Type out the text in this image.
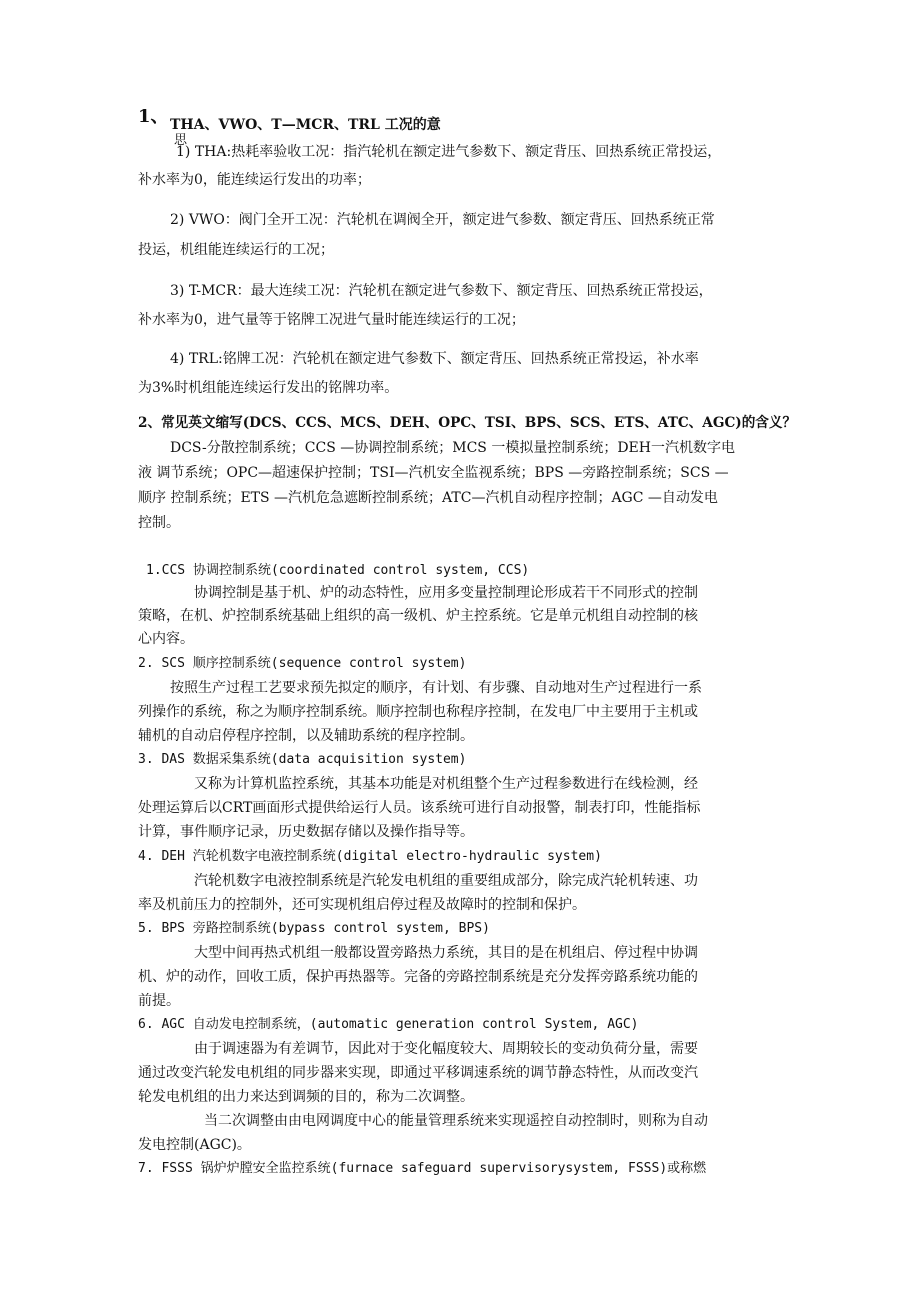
1、 THA、VWO、T—MCR、TRL 工况的意
思
1) THA:热耗率验收工况：指汽轮机在额定进气参数下、额定背压、回热系统正常投运，
补水率为0，能连续运行发出的功率；
2) VWO：阀门全开工况：汽轮机在调阀全开，额定进气参数、额定背压、回热系统正常
投运，机组能连续运行的工况；
3) T-MCR：最大连续工况：汽轮机在额定进气参数下、额定背压、回热系统正常投运，
补水率为0，进气量等于铭牌工况进气量时能连续运行的工况；
4) TRL:铭牌工况：汽轮机在额定进气参数下、额定背压、回热系统正常投运，补水率
为3%时机组能连续运行发出的铭牌功率。
2、常见英文缩写(DCS、CCS、MCS、DEH、OPC、TSI、BPS、SCS、ETS、ATC、AGC)的含义？
DCS-分散控制系统；CCS —协调控制系统；MCS 一模拟量控制系统；DEH一汽机数字电
液 调节系统；OPC—超速保护控制；TSI—汽机安全监视系统；BPS —旁路控制系统；SCS —
顺序 控制系统；ETS —汽机危急遮断控制系统；ATC—汽机自动程序控制；AGC —自动发电
控制。
1.CCS 协调控制系统(coordinated control system, CCS)
协调控制是基于机、炉的动态特性，应用多变量控制理论形成若干不同形式的控制
策略，在机、炉控制系统基础上组织的高一级机、炉主控系统。它是单元机组自动控制的核
心内容。
2. SCS 顺序控制系统(sequence control system)
按照生产过程工艺要求预先拟定的顺序，有计划、有步骤、自动地对生产过程进行一系
列操作的系统，称之为顺序控制系统。顺序控制也称程序控制，在发电厂中主要用于主机或
辅机的自动启停程序控制，以及辅助系统的程序控制。
3. DAS 数据采集系统(data acquisition system)
又称为计算机监控系统，其基本功能是对机组整个生产过程参数进行在线检测，经
处理运算后以CRT画面形式提供给运行人员。该系统可进行自动报警，制表打印，性能指标
计算，事件顺序记录，历史数据存储以及操作指导等。
4. DEH 汽轮机数字电液控制系统(digital electro-hydraulic system)
汽轮机数字电液控制系统是汽轮发电机组的重要组成部分，除完成汽轮机转速、功
率及机前压力的控制外，还可实现机组启停过程及故障时的控制和保护。
5. BPS 旁路控制系统(bypass control system, BPS)
大型中间再热式机组一般都设置旁路热力系统，其目的是在机组启、停过程中协调
机、炉的动作，回收工质，保护再热器等。完备的旁路控制系统是充分发挥旁路系统功能的
前提。
6. AGC 自动发电控制系统，(automatic generation control System, AGC)
由于调速器为有差调节，因此对于变化幅度较大、周期较长的变动负荷分量，需要
通过改变汽轮发电机组的同步器来实现，即通过平移调速系统的调节静态特性，从而改变汽
轮发电机组的出力来达到调频的目的，称为二次调整。
当二次调整由由电网调度中心的能量管理系统来实现遥控自动控制时，则称为自动
发电控制(AGC)。
7. FSSS 锅炉炉膛安全监控系统(furnace safeguard supervisorysystem, FSSS)或称燃
